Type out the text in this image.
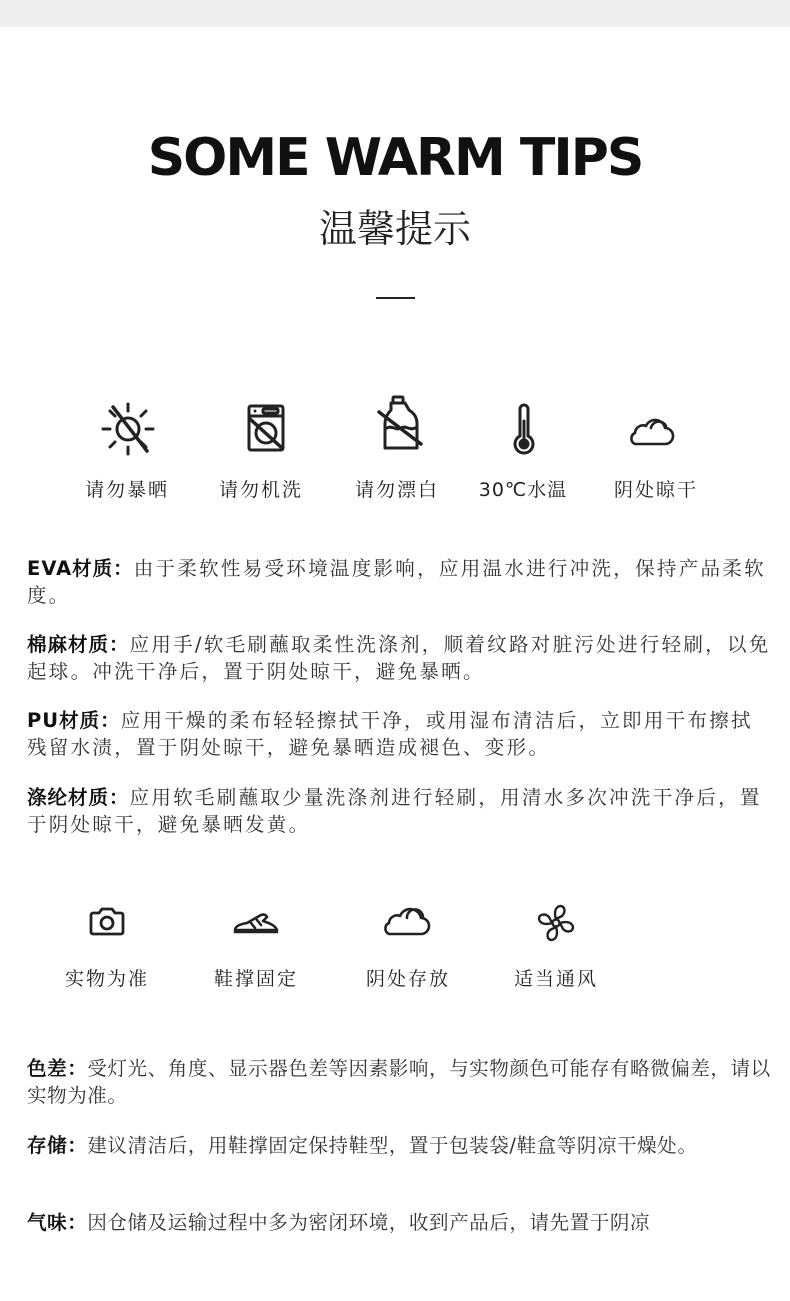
SOME WARM TIPS
温馨提示
请勿暴晒	请勿机洗	请勿漂白	30℃水温	阴处晾干
EVA材质：由于柔软性易受环境温度影响，应用温水进行冲洗，保持产品柔软度。
棉麻材质：应用手/软毛刷蘸取柔性洗涤剂，顺着纹路对脏污处进行轻刷，以免起球。冲洗干净后，置于阴处晾干，避免暴晒。
PU材质：应用干燥的柔布轻轻擦拭干净，或用湿布清洁后，立即用干布擦拭残留水渍，置于阴处晾干，避免暴晒造成褪色、变形。
涤纶材质：应用软毛刷蘸取少量洗涤剂进行轻刷，用清水多次冲洗干净后，置于阴处晾干，避免暴晒发黄。
实物为准	鞋撑固定	阴处存放	适当通风
色差：受灯光、角度、显示器色差等因素影响，与实物颜色可能存有略微偏差，请以实物为准。
存储：建议清洁后，用鞋撑固定保持鞋型，置于包装袋/鞋盒等阴凉干燥处。
气味：因仓储及运输过程中多为密闭环境，收到产品后，请先置于阴凉
